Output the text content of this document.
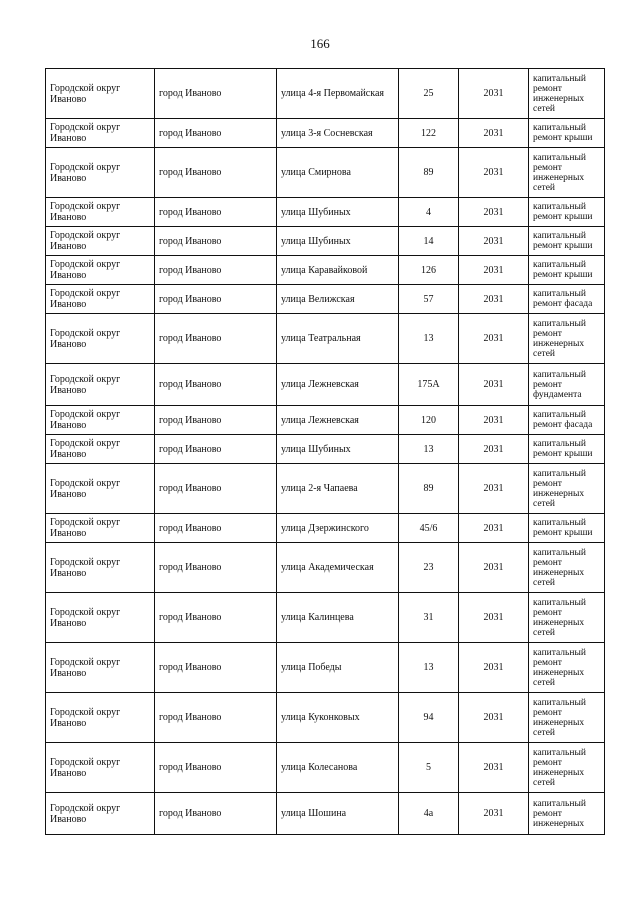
166
Городской округ Иваново	город Иваново	улица 4-я Первомайская	25	2031	капитальный ремонт инженерных сетей
Городской округ Иваново	город Иваново	улица 3-я Сосневская	122	2031	капитальный ремонт крыши
Городской округ Иваново	город Иваново	улица Смирнова	89	2031	капитальный ремонт инженерных сетей
Городской округ Иваново	город Иваново	улица Шубиных	4	2031	капитальный ремонт крыши
Городской округ Иваново	город Иваново	улица Шубиных	14	2031	капитальный ремонт крыши
Городской округ Иваново	город Иваново	улица Каравайковой	126	2031	капитальный ремонт крыши
Городской округ Иваново	город Иваново	улица Велижская	57	2031	капитальный ремонт фасада
Городской округ Иваново	город Иваново	улица Театральная	13	2031	капитальный ремонт инженерных сетей
Городской округ Иваново	город Иваново	улица Лежневская	175А	2031	капитальный ремонт фундамента
Городской округ Иваново	город Иваново	улица Лежневская	120	2031	капитальный ремонт фасада
Городской округ Иваново	город Иваново	улица Шубиных	13	2031	капитальный ремонт крыши
Городской округ Иваново	город Иваново	улица 2-я Чапаева	89	2031	капитальный ремонт инженерных сетей
Городской округ Иваново	город Иваново	улица Дзержинского	45/6	2031	капитальный ремонт крыши
Городской округ Иваново	город Иваново	улица Академическая	23	2031	капитальный ремонт инженерных сетей
Городской округ Иваново	город Иваново	улица Калинцева	31	2031	капитальный ремонт инженерных сетей
Городской округ Иваново	город Иваново	улица Победы	13	2031	капитальный ремонт инженерных сетей
Городской округ Иваново	город Иваново	улица Куконковых	94	2031	капитальный ремонт инженерных сетей
Городской округ Иваново	город Иваново	улица Колесанова	5	2031	капитальный ремонт инженерных сетей
Городской округ Иваново	город Иваново	улица Шошина	4а	2031	капитальный ремонт инженерных
